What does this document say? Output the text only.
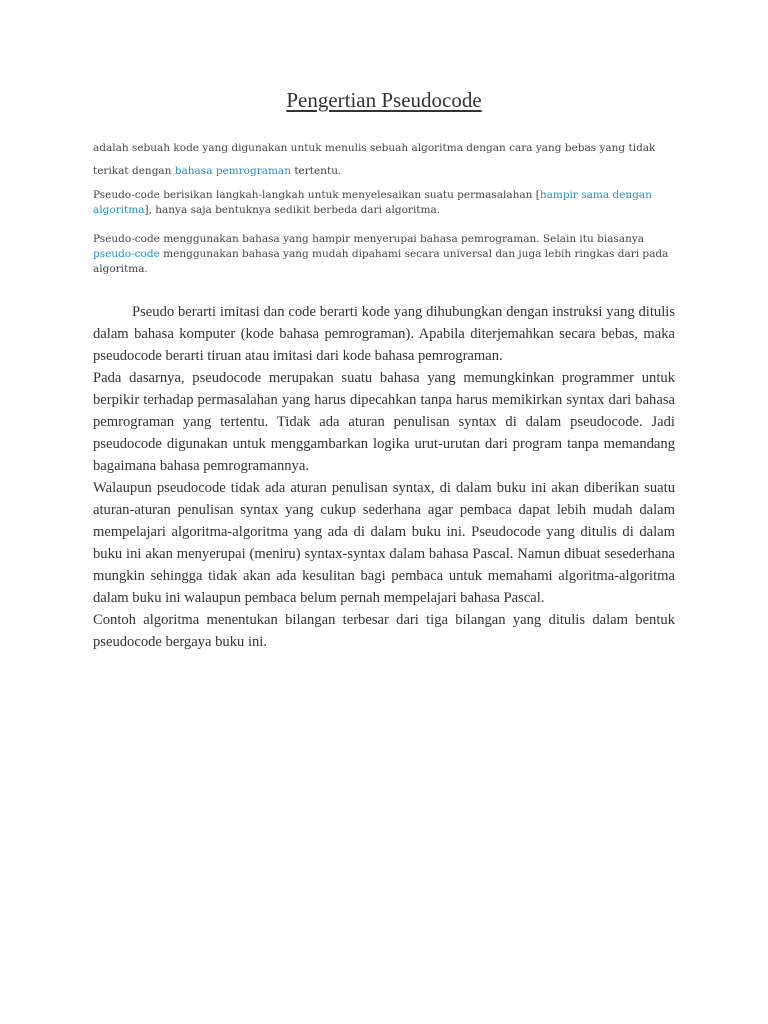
Pengertian Pseudocode

adalah sebuah kode yang digunakan untuk menulis sebuah algoritma dengan cara yang bebas yang tidak terikat dengan bahasa pemrograman tertentu.

Pseudo-code berisikan langkah-langkah untuk menyelesaikan suatu permasalahan [hampir sama dengan algoritma], hanya saja bentuknya sedikit berbeda dari algoritma.

Pseudo-code menggunakan bahasa yang hampir menyerupai bahasa pemrograman. Selain itu biasanya pseudo-code menggunakan bahasa yang mudah dipahami secara universal dan juga lebih ringkas dari pada algoritma.

Pseudo berarti imitasi dan code berarti kode yang dihubungkan dengan instruksi yang ditulis dalam bahasa komputer (kode bahasa pemrograman). Apabila diterjemahkan secara bebas, maka pseudocode berarti tiruan atau imitasi dari kode bahasa pemrograman.

Pada dasarnya, pseudocode merupakan suatu bahasa yang memungkinkan programmer untuk berpikir terhadap permasalahan yang harus dipecahkan tanpa harus memikirkan syntax dari bahasa pemrograman yang tertentu. Tidak ada aturan penulisan syntax di dalam pseudocode. Jadi pseudocode digunakan untuk menggambarkan logika urut-urutan dari program tanpa memandang bagaimana bahasa pemrogramannya.

Walaupun pseudocode tidak ada aturan penulisan syntax, di dalam buku ini akan diberikan suatu aturan-aturan penulisan syntax yang cukup sederhana agar pembaca dapat lebih mudah dalam mempelajari algoritma-algoritma yang ada di dalam buku ini. Pseudocode yang ditulis di dalam buku ini akan menyerupai (meniru) syntax-syntax dalam bahasa Pascal. Namun dibuat sesederhana mungkin sehingga tidak akan ada kesulitan bagi pembaca untuk memahami algoritma-algoritma dalam buku ini walaupun pembaca belum pernah mempelajari bahasa Pascal.

Contoh algoritma menentukan bilangan terbesar dari tiga bilangan yang ditulis dalam bentuk pseudocode bergaya buku ini.
